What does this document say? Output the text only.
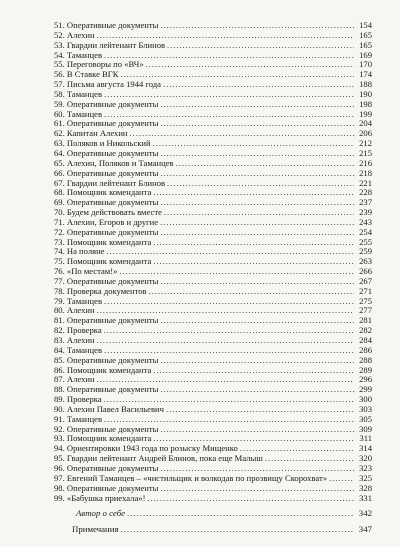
51. Оперативные документы . . .	154
52. Алехин . . .	165
53. Гвардии лейтенант Блинов . . .	165
54. Таманцев . . .	169
55. Переговоры по «ВЧ» . . .	170
56. В Ставке ВГК . . .	174
57. Письма августа 1944 года . . .	188
58. Таманцев . . .	190
59. Оперативные документы . . .	198
60. Таманцев . . .	199
61. Оперативные документы . . .	204
62. Капитан Алехин . . .	206
63. Поляков и Никольский . . .	212
64. Оперативные документы . . .	215
65. Алехин, Поляков и Таманцев . . .	216
66. Оперативные документы . . .	218
67. Гвардии лейтенант Блинов . . .	221
68. Помощник коменданта . . .	228
69. Оперативные документы . . .	237
70. Будем действовать вместе . . .	239
71. Алехин, Егоров и другие . . .	243
72. Оперативные документы . . .	254
73. Помощник коменданта . . .	255
74. На поляне . . .	259
75. Помощник коменданта . . .	263
76. «По местам!» . . .	266
77. Оперативные документы . . .	267
78. Проверка документов . . .	271
79. Таманцев . . .	275
80. Алехин . . .	277
81. Оперативные документы . . .	281
82. Проверка . . .	282
83. Алехин . . .	284
84. Таманцев . . .	286
85. Оперативные документы . . .	288
86. Помощник коменданта . . .	289
87. Алехин . . .	296
88. Оперативные документы . . .	299
89. Проверка . . .	300
90. Алехин Павел Васильевич . . .	303
91. Таманцев . . .	305
92. Оперативные документы . . .	309
93. Помощник коменданта . . .	311
94. Ориентировки 1943 года по розыску Мищенко . . .	314
95. Гвардии лейтенант Андрей Блинов, пока еще Малыш . . .	320
96. Оперативные документы . . .	323
97. Евгений Таманцев – «чистильщик и волкодав по прозвищу Скорохват» . . .	325
98. Оперативные документы . . .	328
99. «Бабушка приехала»! . . .	331
Автор о себе . . .	342
Примечания . . .	347
